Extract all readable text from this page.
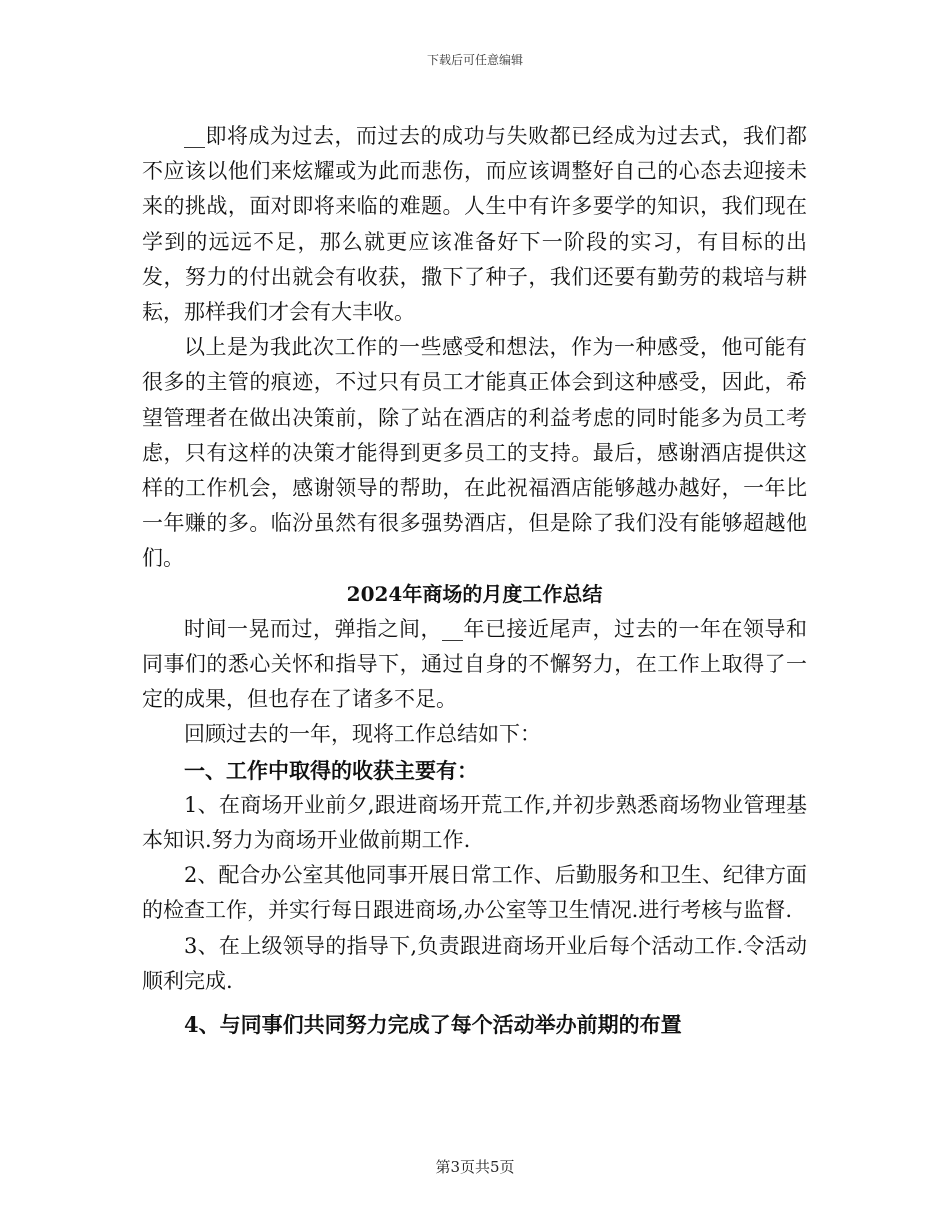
下载后可任意编辑

__即将成为过去，而过去的成功与失败都已经成为过去式，我们都不应该以他们来炫耀或为此而悲伤，而应该调整好自己的心态去迎接未来的挑战，面对即将来临的难题。人生中有许多要学的知识，我们现在学到的远远不足，那么就更应该准备好下一阶段的实习，有目标的出发，努力的付出就会有收获，撒下了种子，我们还要有勤劳的栽培与耕耘，那样我们才会有大丰收。

以上是为我此次工作的一些感受和想法，作为一种感受，他可能有很多的主管的痕迹，不过只有员工才能真正体会到这种感受，因此，希望管理者在做出决策前，除了站在酒店的利益考虑的同时能多为员工考虑，只有这样的决策才能得到更多员工的支持。最后，感谢酒店提供这样的工作机会，感谢领导的帮助，在此祝福酒店能够越办越好，一年比一年赚的多。临汾虽然有很多强势酒店，但是除了我们没有能够超越他们。

2024年商场的月度工作总结

时间一晃而过，弹指之间，__年已接近尾声，过去的一年在领导和同事们的悉心关怀和指导下，通过自身的不懈努力，在工作上取得了一定的成果，但也存在了诸多不足。

回顾过去的一年，现将工作总结如下：

一、工作中取得的收获主要有：

1、在商场开业前夕,跟进商场开荒工作,并初步熟悉商场物业管理基本知识.努力为商场开业做前期工作.

2、配合办公室其他同事开展日常工作、后勤服务和卫生、纪律方面的检查工作，并实行每日跟进商场,办公室等卫生情况.进行考核与监督.

3、在上级领导的指导下,负责跟进商场开业后每个活动工作.令活动顺利完成.

4、与同事们共同努力完成了每个活动举办前期的布置

第3页共5页
